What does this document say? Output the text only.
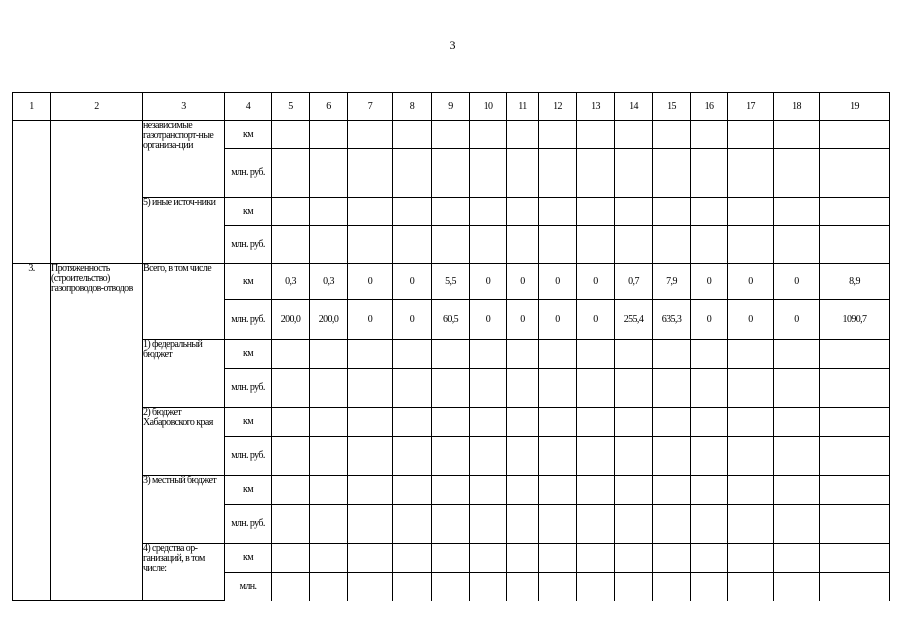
3
1	2	3	4	5	6	7	8	9	10	11	12	13	14	15	16	17	18	19
		независимые газотранспорт-ные организа-ции	км															
			млн. руб.															
		5) иные источ-ники	км															
			млн. руб.															
3.	Протяженность (строительство) газопроводов-отводов	Всего, в том числе	км	0,3	0,3	0	0	5,5	0	0	0	0	0,7	7,9	0	0	0	8,9
			млн. руб.	200,0	200,0	0	0	60,5	0	0	0	0	255,4	635,3	0	0	0	1090,7
		1) федеральный бюджет	км															
			млн. руб.															
		2) бюджет Хабаровского края	км															
			млн. руб.															
		3) местный бюджет	км															
			млн. руб.															
		4) средства ор-ганизаций, в том числе:	км															
			млн.															
